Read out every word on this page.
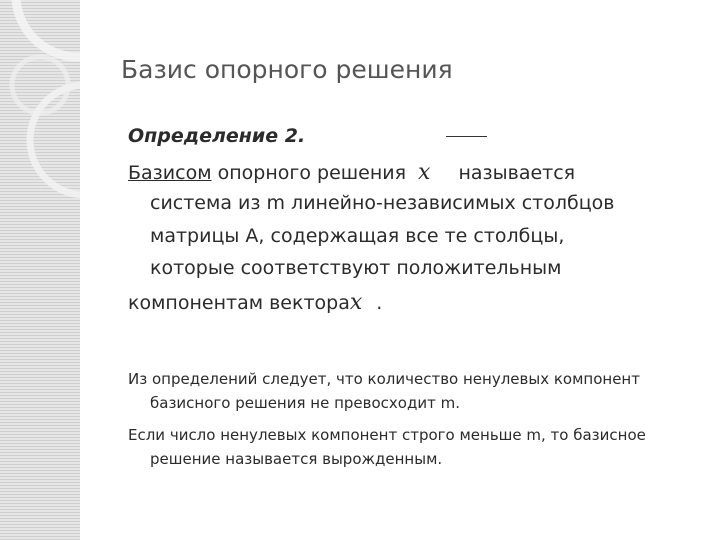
Базис опорного решения
Определение 2.
Базисом опорного решения x называется
система из m линейно-независимых столбцов
матрицы А, содержащая все те столбцы,
которые соответствуют положительным
компонентам вектораx .
Из определений следует, что количество ненулевых компонент
базисного решения не превосходит m.
Если число ненулевых компонент строго меньше m, то базисное
решение называется вырожденным.
